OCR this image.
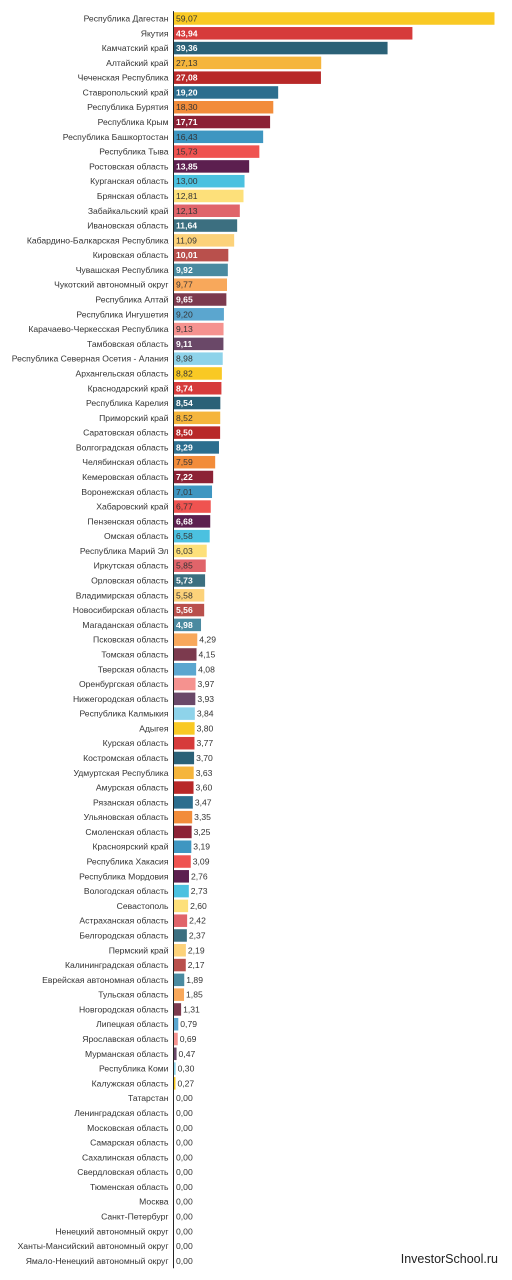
Республика Дагестан 59,07
Якутия 43,94
Камчатский край 39,36
Алтайский край 27,13
Чеченская Республика 27,08
Ставропольский край 19,20
Республика Бурятия 18,30
Республика Крым 17,71
Республика Башкортостан 16,43
Республика Тыва 15,73
Ростовская область 13,85
Курганская область 13,00
Брянская область 12,81
Забайкальский край 12,13
Ивановская область 11,64
Кабардино-Балкарская Республика 11,09
Кировская область 10,01
Чувашская Республика 9,92
Чукотский автономный округ 9,77
Республика Алтай 9,65
Республика Ингушетия 9,20
Карачаево-Черкесская Республика 9,13
Тамбовская область 9,11
Республика Северная Осетия - Алания 8,98
Архангельская область 8,82
Краснодарский край 8,74
Республика Карелия 8,54
Приморский край 8,52
Саратовская область 8,50
Волгоградская область 8,29
Челябинская область 7,59
Кемеровская область 7,22
Воронежская область 7,01
Хабаровский край 6,77
Пензенская область 6,68
Омская область 6,58
Республика Марий Эл 6,03
Иркутская область 5,85
Орловская область 5,73
Владимирская область 5,58
Новосибирская область 5,56
Магаданская область 4,98
Псковская область	4,29
Томская область	4,15
Тверская область	4,08
Оренбургская область	3,97
Нижегородская область	3,93
Республика Калмыкия	3,84
Адыгея	3,80
Курская область	3,77
Костромская область	3,70
Удмуртская Республика	3,63
Амурская область	3,60
Рязанская область	3,47
Ульяновская область	3,35
Смоленская область	3,25
Красноярский край	3,19
Республика Хакасия	3,09
Республика Мордовия	2,76
Вологодская область	2,73
Севастополь	2,60
Астраханская область 2,42
Белгородская область 2,37
Пермский край 2,19
Калининградская область 2,17
Еврейская автономная область 1,89
Тульская область 1,85
Новгородская область 1,31
Липецкая область 0,79
Ярославская область 0,69
Мурманская область 0,47
Республика Коми 0,30
Калужская область 0,27
Татарстан 0,00
Ленинградская область 0,00
Московская область 0,00
Самарская область 0,00
Сахалинская область 0,00
Свердловская область 0,00
Тюменская область 0,00
Москва 0,00
Санкт-Петербург 0,00
Ненецкий автономный округ 0,00
Ханты-Мансийский автономный округ 0,00
Ямало-Ненецкий автономный округ 0,00	InvestorSchool.ru
